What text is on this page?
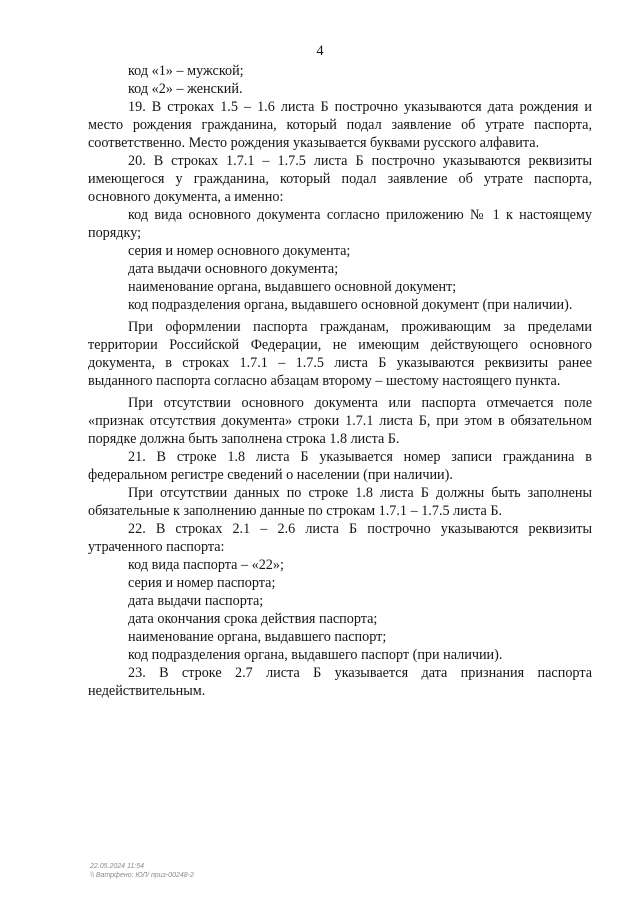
4

код «1» – мужской;

код «2» – женский.

19. В строках 1.5 – 1.6 листа Б построчно указываются дата рождения и место рождения гражданина, который подал заявление об утрате паспорта, соответственно. Место рождения указывается буквами русского алфавита.

20. В строках 1.7.1 – 1.7.5 листа Б построчно указываются реквизиты имеющегося у гражданина, который подал заявление об утрате паспорта, основного документа, а именно:

код вида основного документа согласно приложению № 1 к настоящему порядку;

серия и номер основного документа;

дата выдачи основного документа;

наименование органа, выдавшего основной документ;

код подразделения органа, выдавшего основной документ (при наличии).

При оформлении паспорта гражданам, проживающим за пределами территории Российской Федерации, не имеющим действующего основного документа, в строках 1.7.1 – 1.7.5 листа Б указываются реквизиты ранее выданного паспорта согласно абзацам второму – шестому настоящего пункта.

При отсутствии основного документа или паспорта отмечается поле «признак отсутствия документа» строки 1.7.1 листа Б, при этом в обязательном порядке должна быть заполнена строка 1.8 листа Б.

21. В строке 1.8 листа Б указывается номер записи гражданина в федеральном регистре сведений о населении (при наличии).

При отсутствии данных по строке 1.8 листа Б должны быть заполнены обязательные к заполнению данные по строкам 1.7.1 – 1.7.5 листа Б.

22. В строках 2.1 – 2.6 листа Б построчно указываются реквизиты утраченного паспорта:

код вида паспорта – «22»;

серия и номер паспорта;

дата выдачи паспорта;

дата окончания срока действия паспорта;

наименование органа, выдавшего паспорт;

код подразделения органа, выдавшего паспорт (при наличии).

23. В строке 2.7 листа Б указывается дата признания паспорта недействительным.

22.05.2024 11:54
\\ Ватрфено: ЮЛ/ приз-00248-2
